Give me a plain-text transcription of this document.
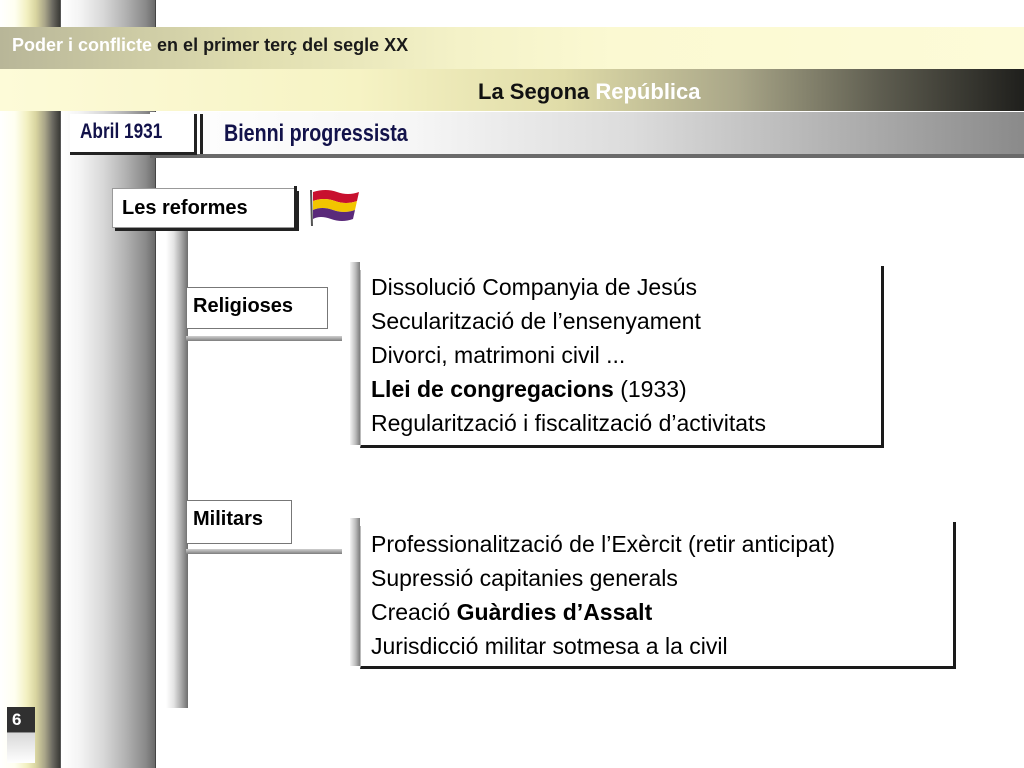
Poder i conflicte en el primer terç del segle XX
La Segona República
Abril 1931	Bienni progressista
Les reformes
Religioses
Dissolució Companyia de Jesús
Secularització de l’ensenyament
Divorci, matrimoni civil ...
Llei de congregacions (1933)
Regularització i fiscalització d’activitats
Militars
Professionalització de l’Exèrcit (retir anticipat)
Supressió capitanies generals
Creació Guàrdies d’Assalt
Jurisdicció militar sotmesa a la civil
6
